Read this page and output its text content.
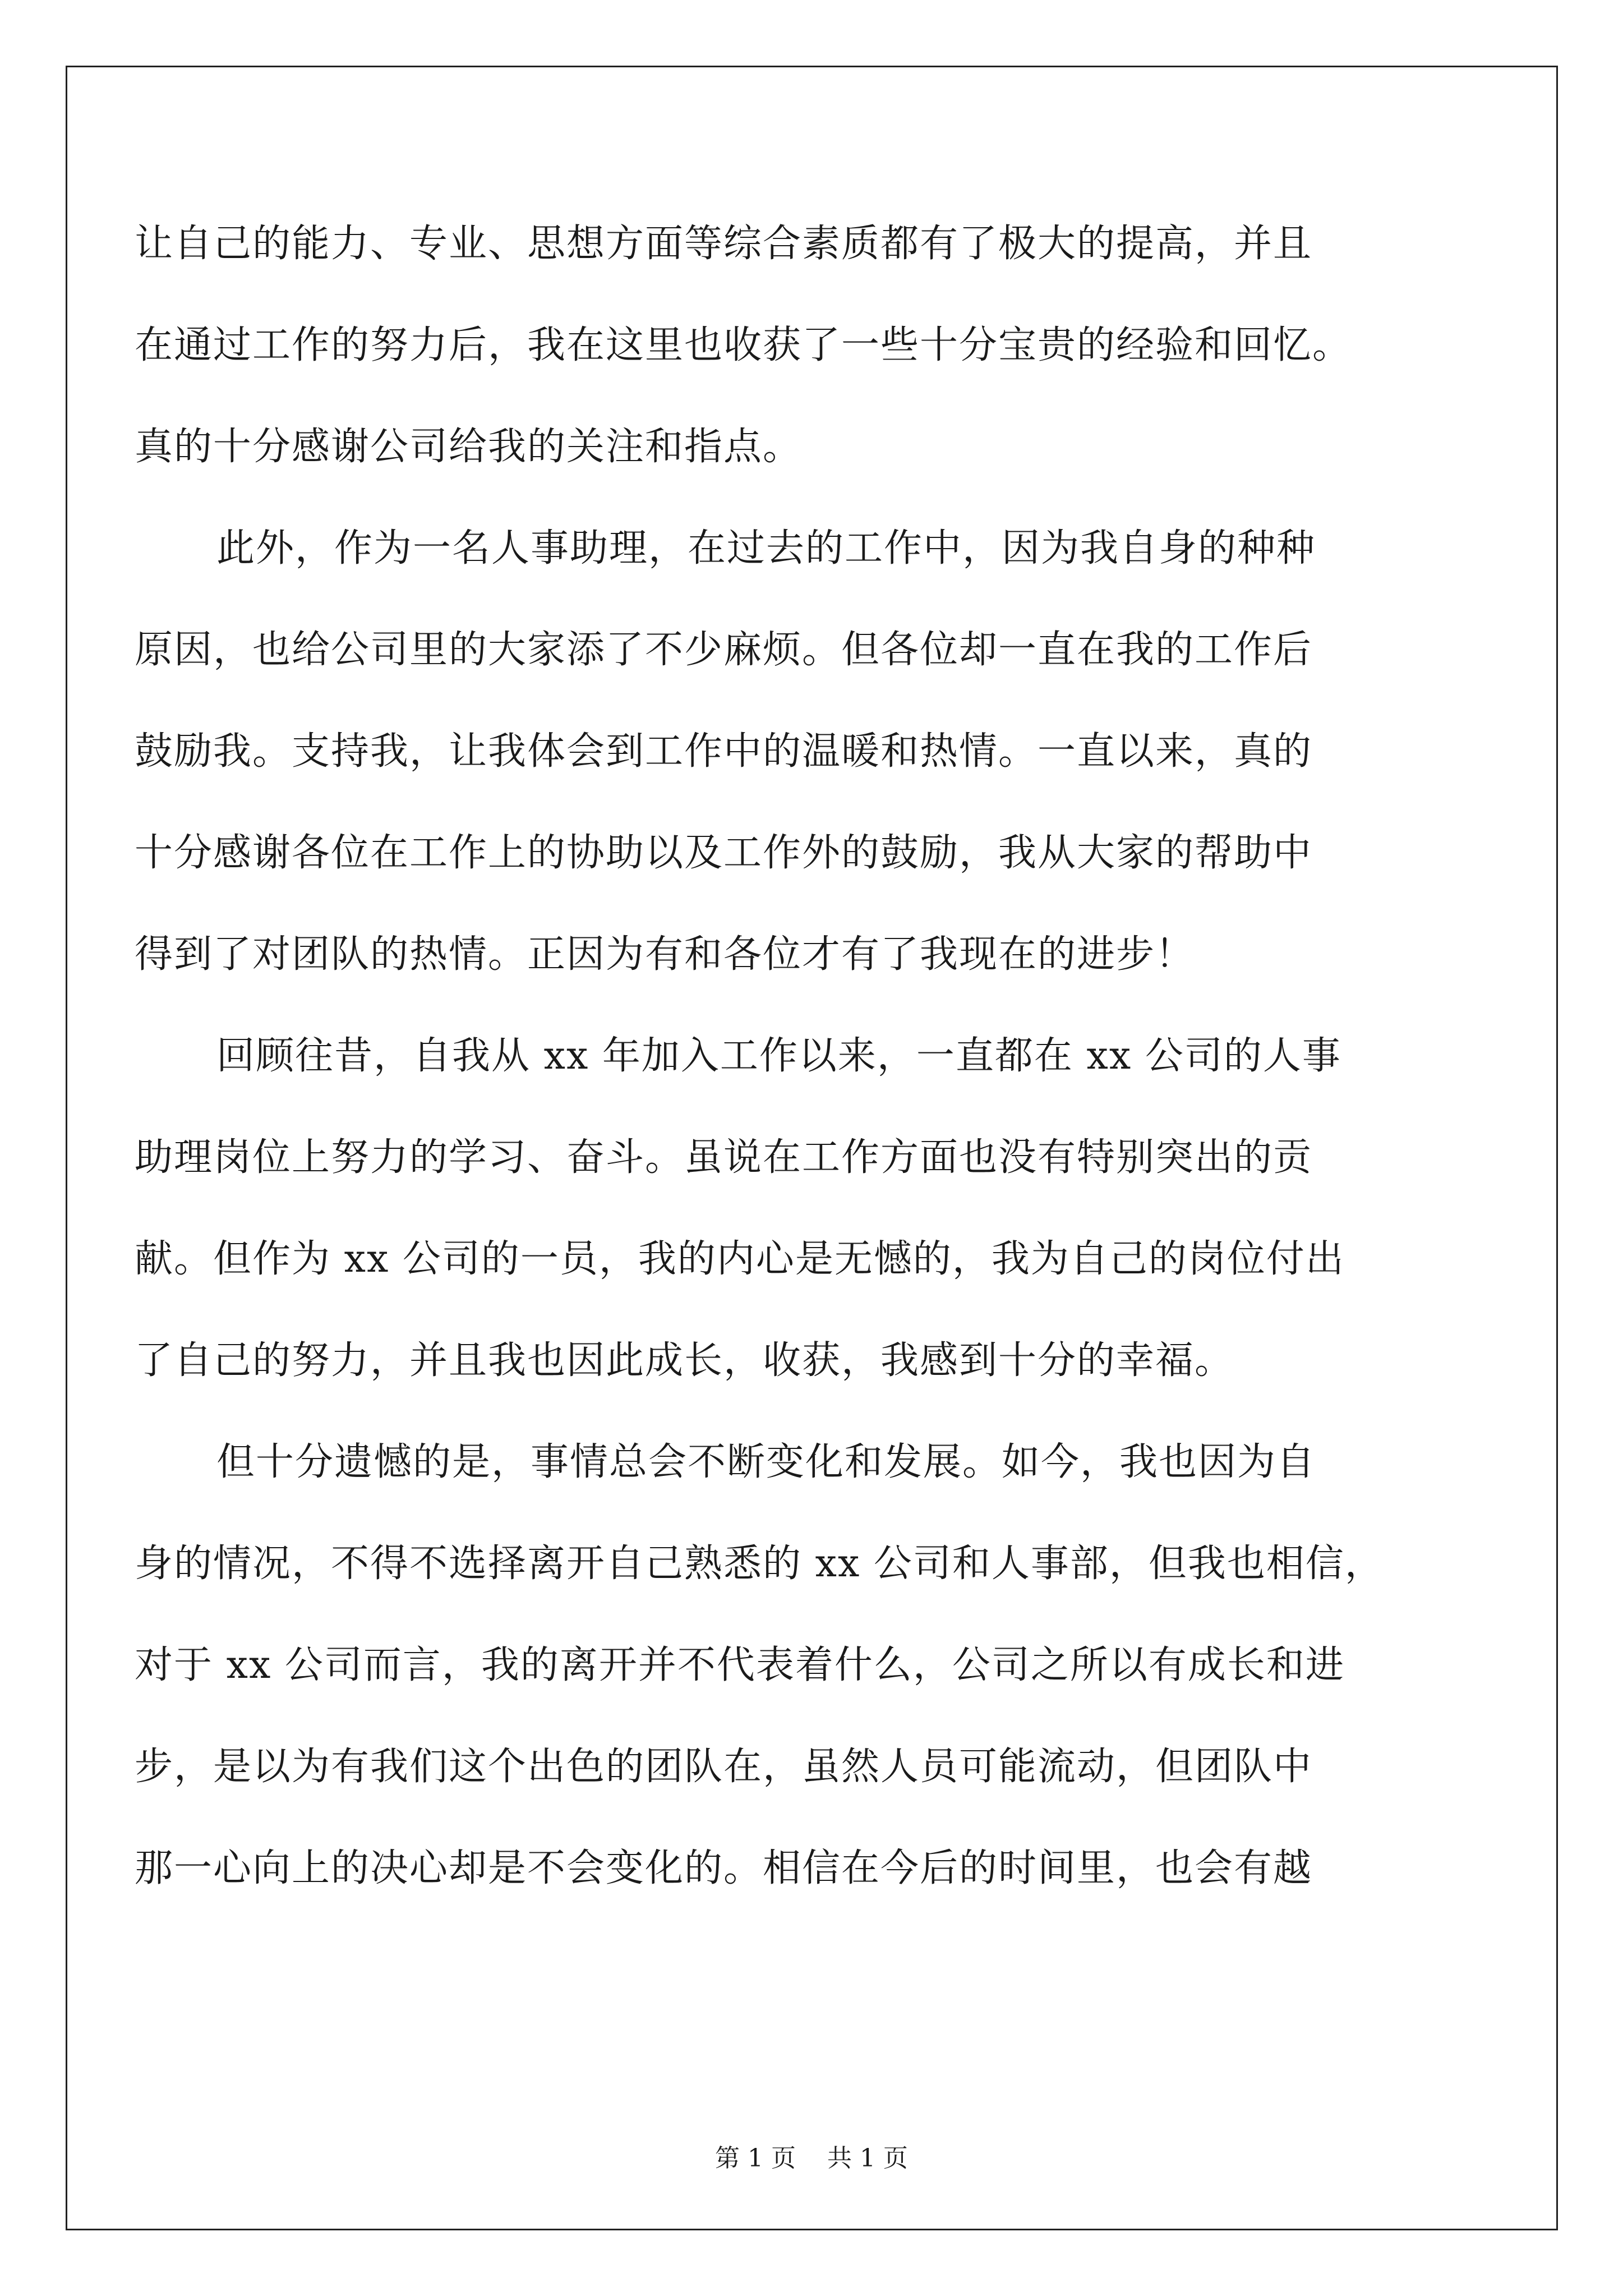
让自己的能力、专业、思想方面等综合素质都有了极大的提高，并且
在通过工作的努力后，我在这里也收获了一些十分宝贵的经验和回忆。
真的十分感谢公司给我的关注和指点。
此外，作为一名人事助理，在过去的工作中，因为我自身的种种
原因，也给公司里的大家添了不少麻烦。但各位却一直在我的工作后
鼓励我。支持我，让我体会到工作中的温暖和热情。一直以来，真的
十分感谢各位在工作上的协助以及工作外的鼓励，我从大家的帮助中
得到了对团队的热情。正因为有和各位才有了我现在的进步！
回顾往昔，自我从 xx 年加入工作以来，一直都在 xx 公司的人事
助理岗位上努力的学习、奋斗。虽说在工作方面也没有特别突出的贡
献。但作为 xx 公司的一员，我的内心是无憾的，我为自己的岗位付出
了自己的努力，并且我也因此成长，收获，我感到十分的幸福。
但十分遗憾的是，事情总会不断变化和发展。如今，我也因为自
身的情况，不得不选择离开自己熟悉的 xx 公司和人事部，但我也相信，
对于 xx 公司而言，我的离开并不代表着什么，公司之所以有成长和进
步，是以为有我们这个出色的团队在，虽然人员可能流动，但团队中
那一心向上的决心却是不会变化的。相信在今后的时间里，也会有越
第 1 页    共 1 页
